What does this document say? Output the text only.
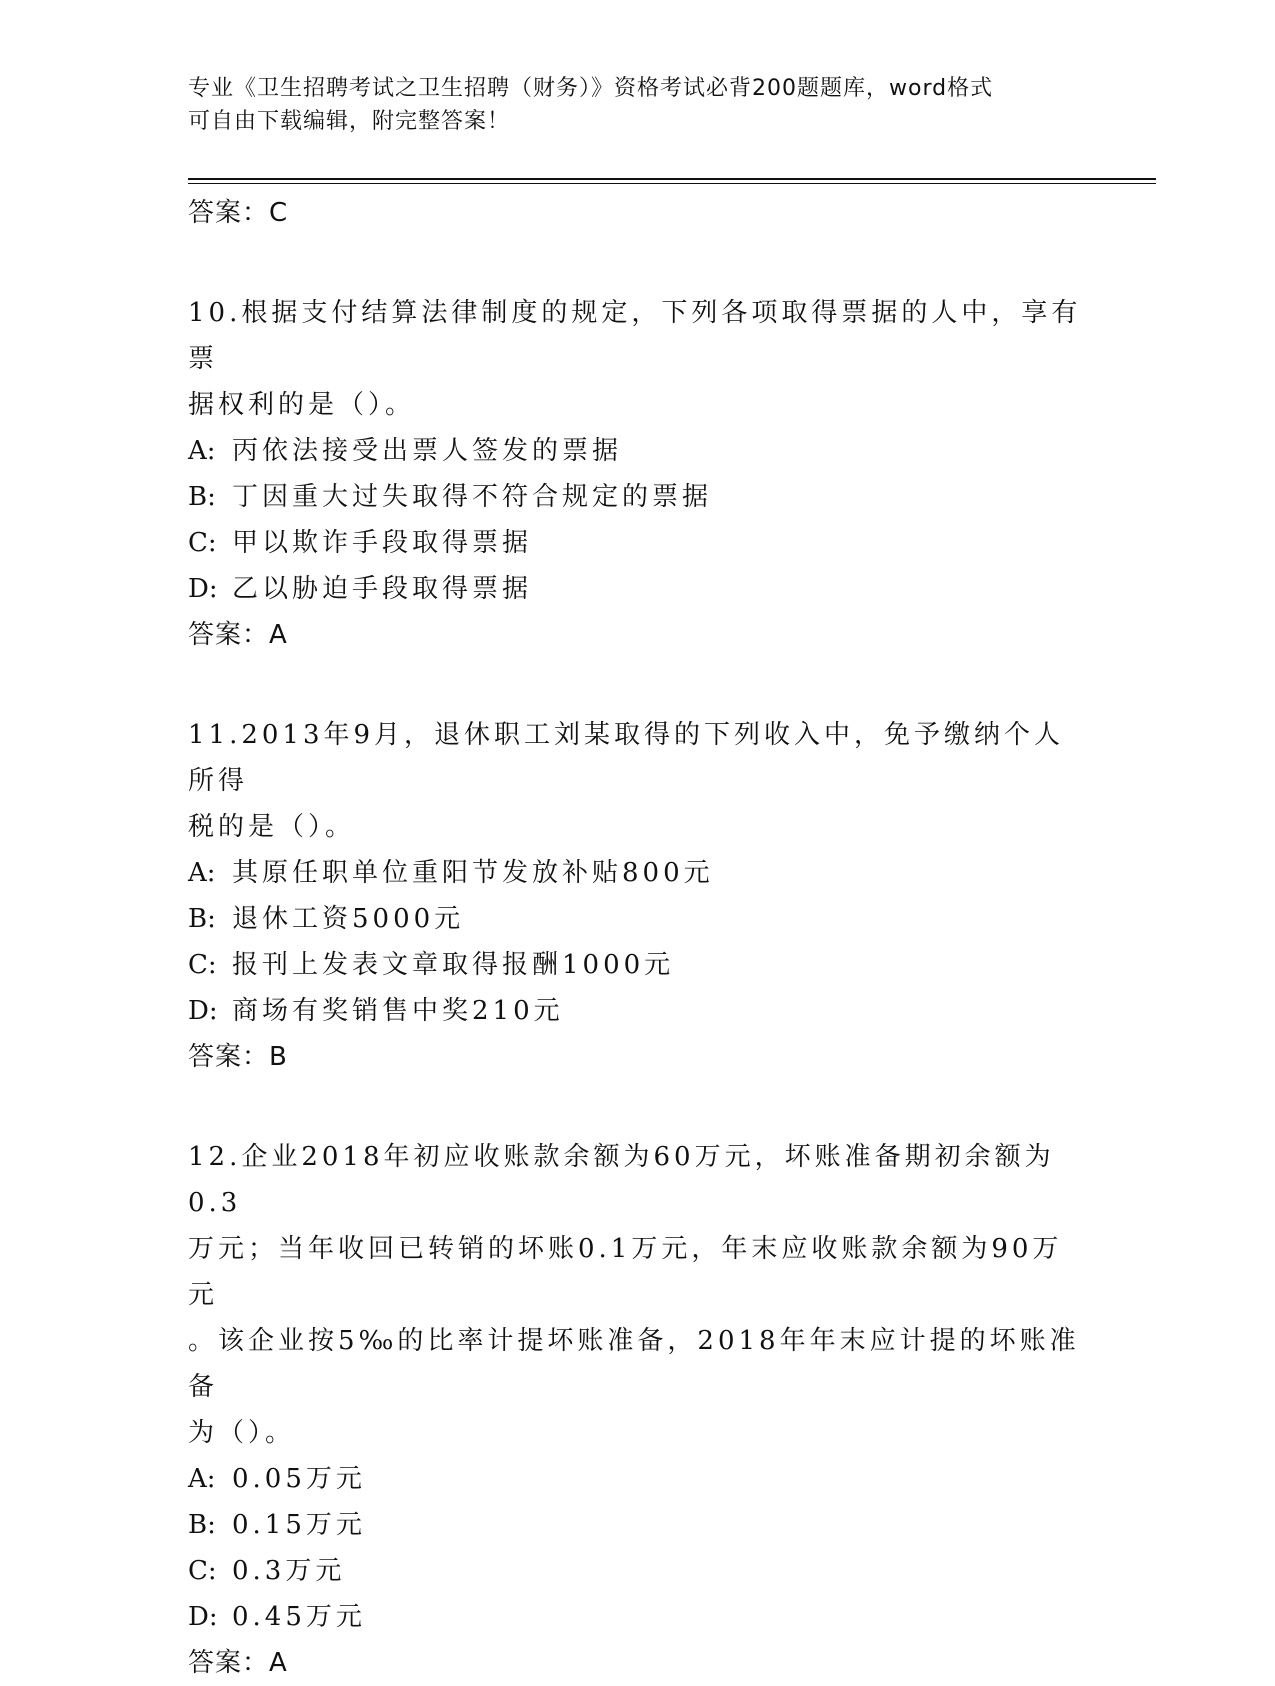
专业《卫生招聘考试之卫生招聘（财务）》资格考试必背200题题库，word格式
可自由下载编辑，附完整答案！
答案：C
10.根据支付结算法律制度的规定，下列各项取得票据的人中，享有票
据权利的是（）。
A: 丙依法接受出票人签发的票据
B: 丁因重大过失取得不符合规定的票据
C: 甲以欺诈手段取得票据
D: 乙以胁迫手段取得票据
答案：A
11.2013年9月，退休职工刘某取得的下列收入中，免予缴纳个人所得
税的是（）。
A: 其原任职单位重阳节发放补贴800元
B: 退休工资5000元
C: 报刊上发表文章取得报酬1000元
D: 商场有奖销售中奖210元
答案：B
12.企业2018年初应收账款余额为60万元，坏账准备期初余额为0.3
万元；当年收回已转销的坏账0.1万元，年末应收账款余额为90万元
。该企业按5‰的比率计提坏账准备，2018年年末应计提的坏账准备
为（）。
A: 0.05万元
B: 0.15万元
C: 0.3万元
D: 0.45万元
答案：A
